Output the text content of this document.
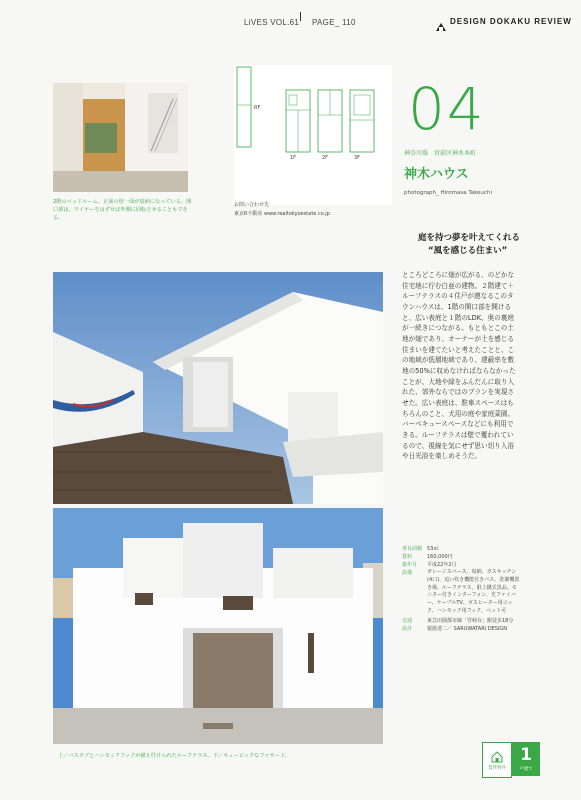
LiVES VOL.61 PAGE_ 110	DESIGN DOKAKU REVIEW
2階のベッドルーム。正面の壁一面が収納になっている。開口部は、ワイヤーをはずせば外側に回転させることもできる。
1F	2F	3F
RF
お問い合わせ先
東京R不動産 www.realtokyoestate.co.jp
04
神奈川県　宮前区神木本町
神木ハウス
photograph_ Hiromasa Takeuchi
庭を持つ夢を叶えてくれる
“風を感じる住まい”
ところどころに畑が広がる、のどかな住宅地に佇む白亜の建物。２階建て＋ルーフテラスの４住戸が連なるこのタウンハウスは、1階の開口部を開けると、広い表庭と１階のLDK、奥の裏庭が一続きにつながる。もともとこの土地が畑であり、オーナーが土を感じる住まいを建てたいと考えたことと、この地域が低層地域であり、建蔽率を敷地の50%に収めなければならなかったことが、大地や緑をふんだんに取り入れた、郊外ならではのプランを実現させた。広い表庭は、駐車スペースはもちろんのこと、犬用の庭や家庭菜園、バーベキュースペースなどにも利用できる。ルーフテラスは壁で覆われているので、視線を気にせず思い切り入浴や日光浴を楽しめそうだ。
上／バスタブとハンモックフックが備え付けられたルーフテラス。下／キュービックなファサード。
専有面積 53㎡
賃料	160,000円
築年月	平成22年2月
設備	ガレージスペース、収納、ガスキッチン(4口)、追い炊き機能付きバス、洗濯機置き場、ルーフテラス、駐上鍵式黒品、モニター付きインターフォン、光ファイバー、ケーブルTV、ガスヒーター用コック、ハンモック用フック、ペット可
交通	東急田園都市線「宮崎台」駅徒歩18分
設計	猿渡達二／ SARUWATARI DESIGN
賃貸物件
1
戸建て
